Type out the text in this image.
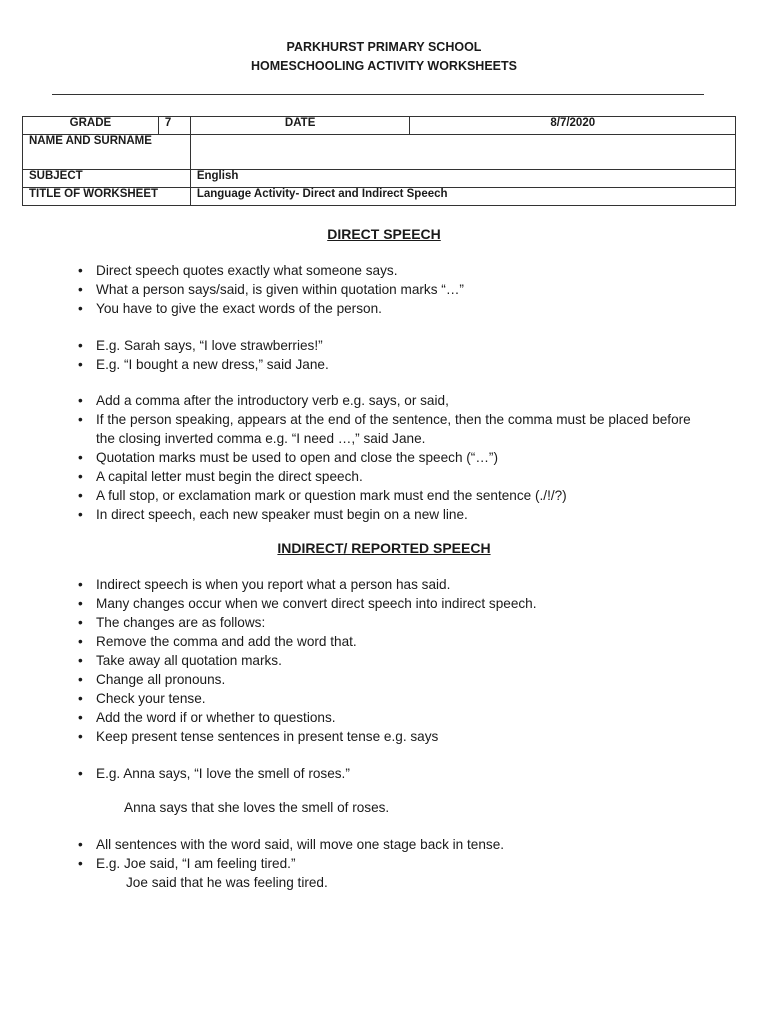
PARKHURST PRIMARY SCHOOL
HOMESCHOOLING ACTIVITY WORKSHEETS
GRADE	7	DATE	8/7/2020
NAME AND SURNAME			
SUBJECT		English	
TITLE OF WORKSHEET		Language Activity- Direct and Indirect Speech	
DIRECT SPEECH
• Direct speech quotes exactly what someone says.
• What a person says/said, is given within quotation marks “…”
• You have to give the exact words of the person.
• E.g. Sarah says, “I love strawberries!”
• E.g. “I bought a new dress,” said Jane.
• Add a comma after the introductory verb e.g. says, or said,
• If the person speaking, appears at the end of the sentence, then the comma must be placed before the closing inverted comma e.g. “I need …,” said Jane.
• Quotation marks must be used to open and close the speech (“…”)
• A capital letter must begin the direct speech.
• A full stop, or exclamation mark or question mark must end the sentence (./!/?)
• In direct speech, each new speaker must begin on a new line.
INDIRECT/ REPORTED SPEECH
• Indirect speech is when you report what a person has said.
• Many changes occur when we convert direct speech into indirect speech.
• The changes are as follows:
• Remove the comma and add the word that.
• Take away all quotation marks.
• Change all pronouns.
• Check your tense.
• Add the word if or whether to questions.
• Keep present tense sentences in present tense e.g. says
• E.g. Anna says, “I love the smell of roses.”
Anna says that she loves the smell of roses.
• All sentences with the word said, will move one stage back in tense.
• E.g. Joe said, “I am feeling tired.”
Joe said that he was feeling tired.
